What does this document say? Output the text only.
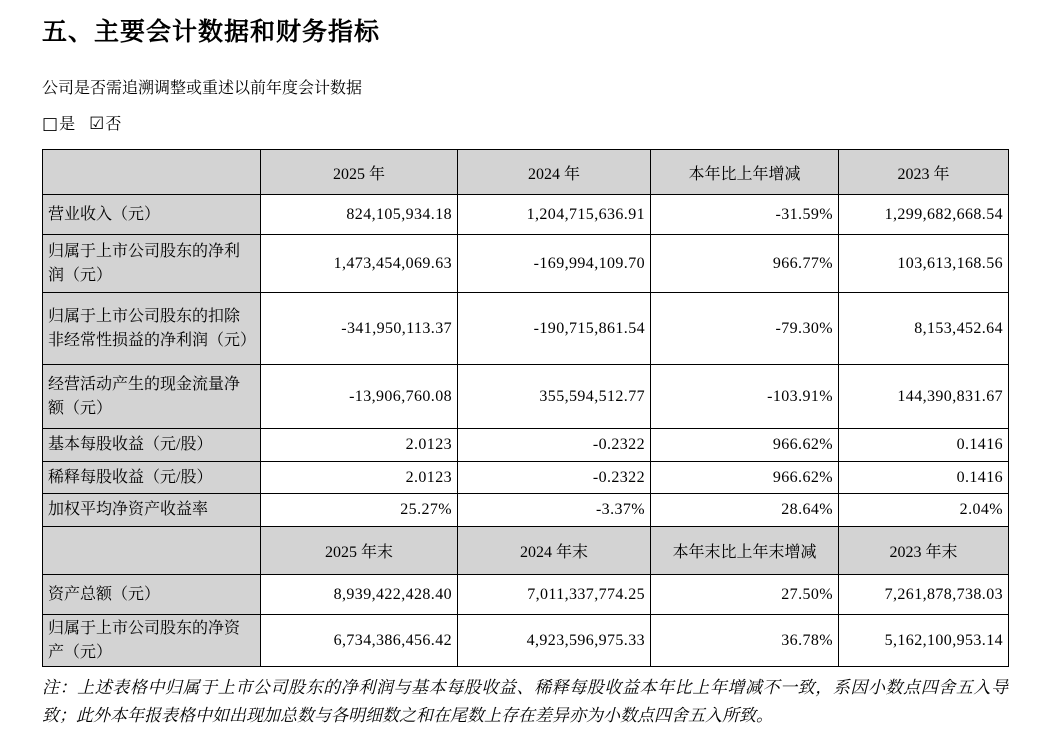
五、主要会计数据和财务指标

公司是否需追溯调整或重述以前年度会计数据

□是 ☑否

	2025 年	2024 年	本年比上年增减	2023 年
营业收入（元）	824,105,934.18	1,204,715,636.91	-31.59%	1,299,682,668.54
归属于上市公司股东的净利润（元）	1,473,454,069.63	-169,994,109.70	966.77%	103,613,168.56
归属于上市公司股东的扣除非经常性损益的净利润（元）	-341,950,113.37	-190,715,861.54	-79.30%	8,153,452.64
经营活动产生的现金流量净额（元）	-13,906,760.08	355,594,512.77	-103.91%	144,390,831.67
基本每股收益（元/股）	2.0123	-0.2322	966.62%	0.1416
稀释每股收益（元/股）	2.0123	-0.2322	966.62%	0.1416
加权平均净资产收益率	25.27%	-3.37%	28.64%	2.04%
	2025 年末	2024 年末	本年末比上年末增减	2023 年末
资产总额（元）	8,939,422,428.40	7,011,337,774.25	27.50%	7,261,878,738.03
归属于上市公司股东的净资产（元）	6,734,386,456.42	4,923,596,975.33	36.78%	5,162,100,953.14

注：上述表格中归属于上市公司股东的净利润与基本每股收益、稀释每股收益本年比上年增减不一致，系因小数点四舍五入导致；此外本年报表格中如出现加总数与各明细数之和在尾数上存在差异亦为小数点四舍五入所致。
